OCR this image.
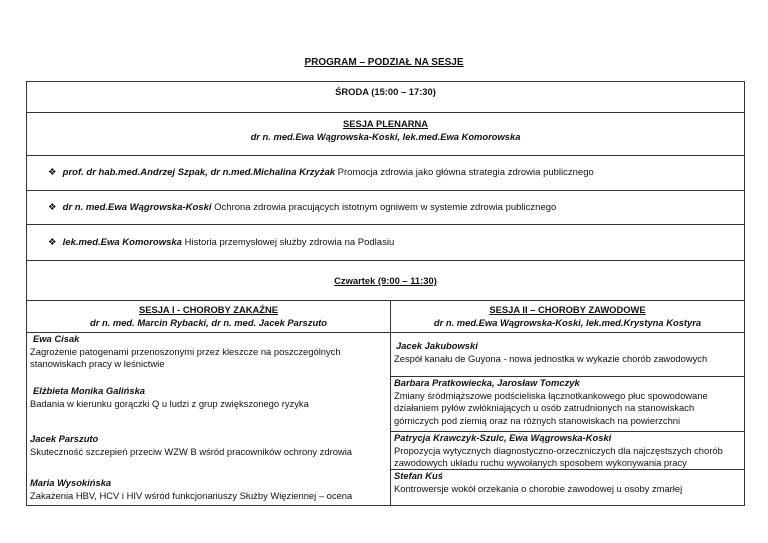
PROGRAM – PODZIAŁ NA SESJE
ŚRODA (15:00 – 17:30)
SESJA PLENARNA
dr n. med.Ewa Wągrowska-Koski, lek.med.Ewa Komorowska
❖ prof. dr hab.med.Andrzej Szpak, dr n.med.Michalina Krzyżak Promocja zdrowia jako główna strategia zdrowia publicznego
❖ dr n. med.Ewa Wągrowska-Koski Ochrona zdrowia pracujących istotnym ogniwem w systemie zdrowia publicznego
❖ lek.med.Ewa Komorowska Historia przemysłowej służby zdrowia na Podlasiu
Czwartek (9:00 – 11:30)
SESJA I - CHOROBY ZAKAŹNE
dr n. med. Marcin Rybacki, dr n. med. Jacek Parszuto
Ewa Cisak
Zagrożenie patogenami przenoszonymi przez kleszcze na poszczególnych
stanowiskach pracy w leśnictwie
Elżbieta Monika Galińska
Badania w kierunku gorączki Q u ludzi z grup zwiększonego ryzyka
Jacek Parszuto
Skuteczność szczepień przeciw WZW B wśród pracowników ochrony zdrowia
Maria Wysokińska
Zakażenia HBV, HCV i HIV wśród funkcjonariuszy Służby Więziennej – ocena
SESJA II – CHOROBY ZAWODOWE
dr n. med.Ewa Wągrowska-Koski, lek.med.Krystyna Kostyra
Jacek Jakubowski
Zespół kanału de Guyona - nowa jednostka w wykazie chorób zawodowych
Barbara Pratkowiecka, Jarosław Tomczyk
Zmiany śródmiąższowe podścieliska łącznotkankowego płuc spowodowane
działaniem pyłów zwłókniających u osób zatrudnionych na stanowiskach
górniczych pod ziemią oraz na różnych stanowiskach na powierzchni
Patrycja Krawczyk-Szulc, Ewa Wągrowska-Koski
Propozycja wytycznych diagnostyczno-orzeczniczych dla najczęstszych chorób
zawodowych układu ruchu wywołanych sposobem wykonywania pracy
Stefan Kuś
Kontrowersje wokół orzekania o chorobie zawodowej u osoby zmarłej
